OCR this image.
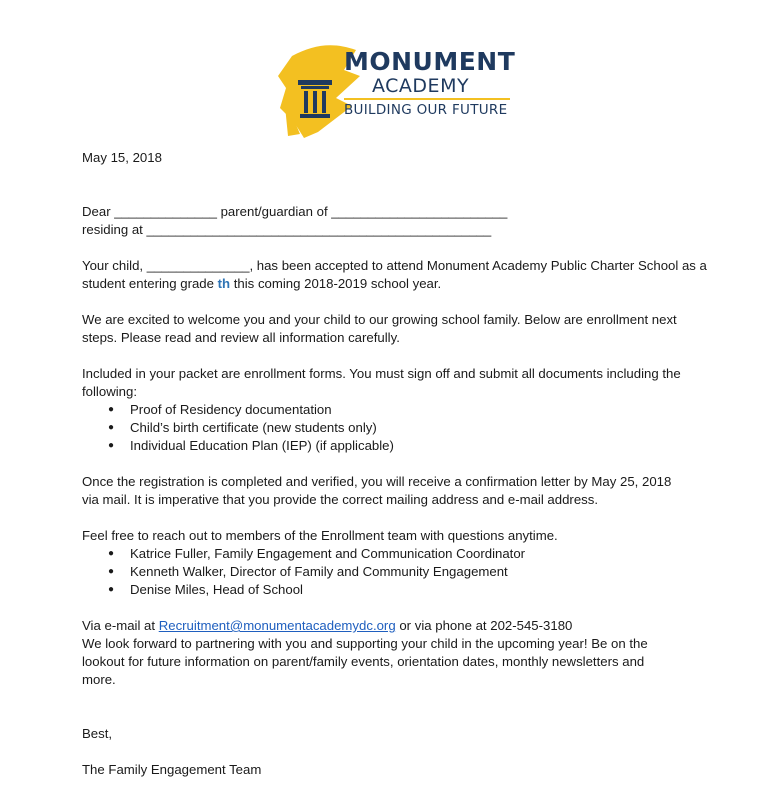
MONUMENT
ACADEMY
BUILDING OUR FUTURE
May 15, 2018
Dear ______________ parent/guardian of ________________________
residing at _______________________________________________
Your child, ______________, has been accepted to attend Monument Academy Public Charter School as a
student entering grade th this coming 2018-2019 school year.
We are excited to welcome you and your child to our growing school family. Below are enrollment next
steps. Please read and review all information carefully.
Included in your packet are enrollment forms. You must sign off and submit all documents including the
following:
● Proof of Residency documentation
● Child’s birth certificate (new students only)
● Individual Education Plan (IEP) (if applicable)
Once the registration is completed and verified, you will receive a confirmation letter by May 25, 2018
via mail. It is imperative that you provide the correct mailing address and e-mail address.
Feel free to reach out to members of the Enrollment team with questions anytime.
● Katrice Fuller, Family Engagement and Communication Coordinator
● Kenneth Walker, Director of Family and Community Engagement
● Denise Miles, Head of School
Via e-mail at Recruitment@monumentacademydc.org or via phone at 202-545-3180
We look forward to partnering with you and supporting your child in the upcoming year! Be on the
lookout for future information on parent/family events, orientation dates, monthly newsletters and
more.
Best,
The Family Engagement Team
